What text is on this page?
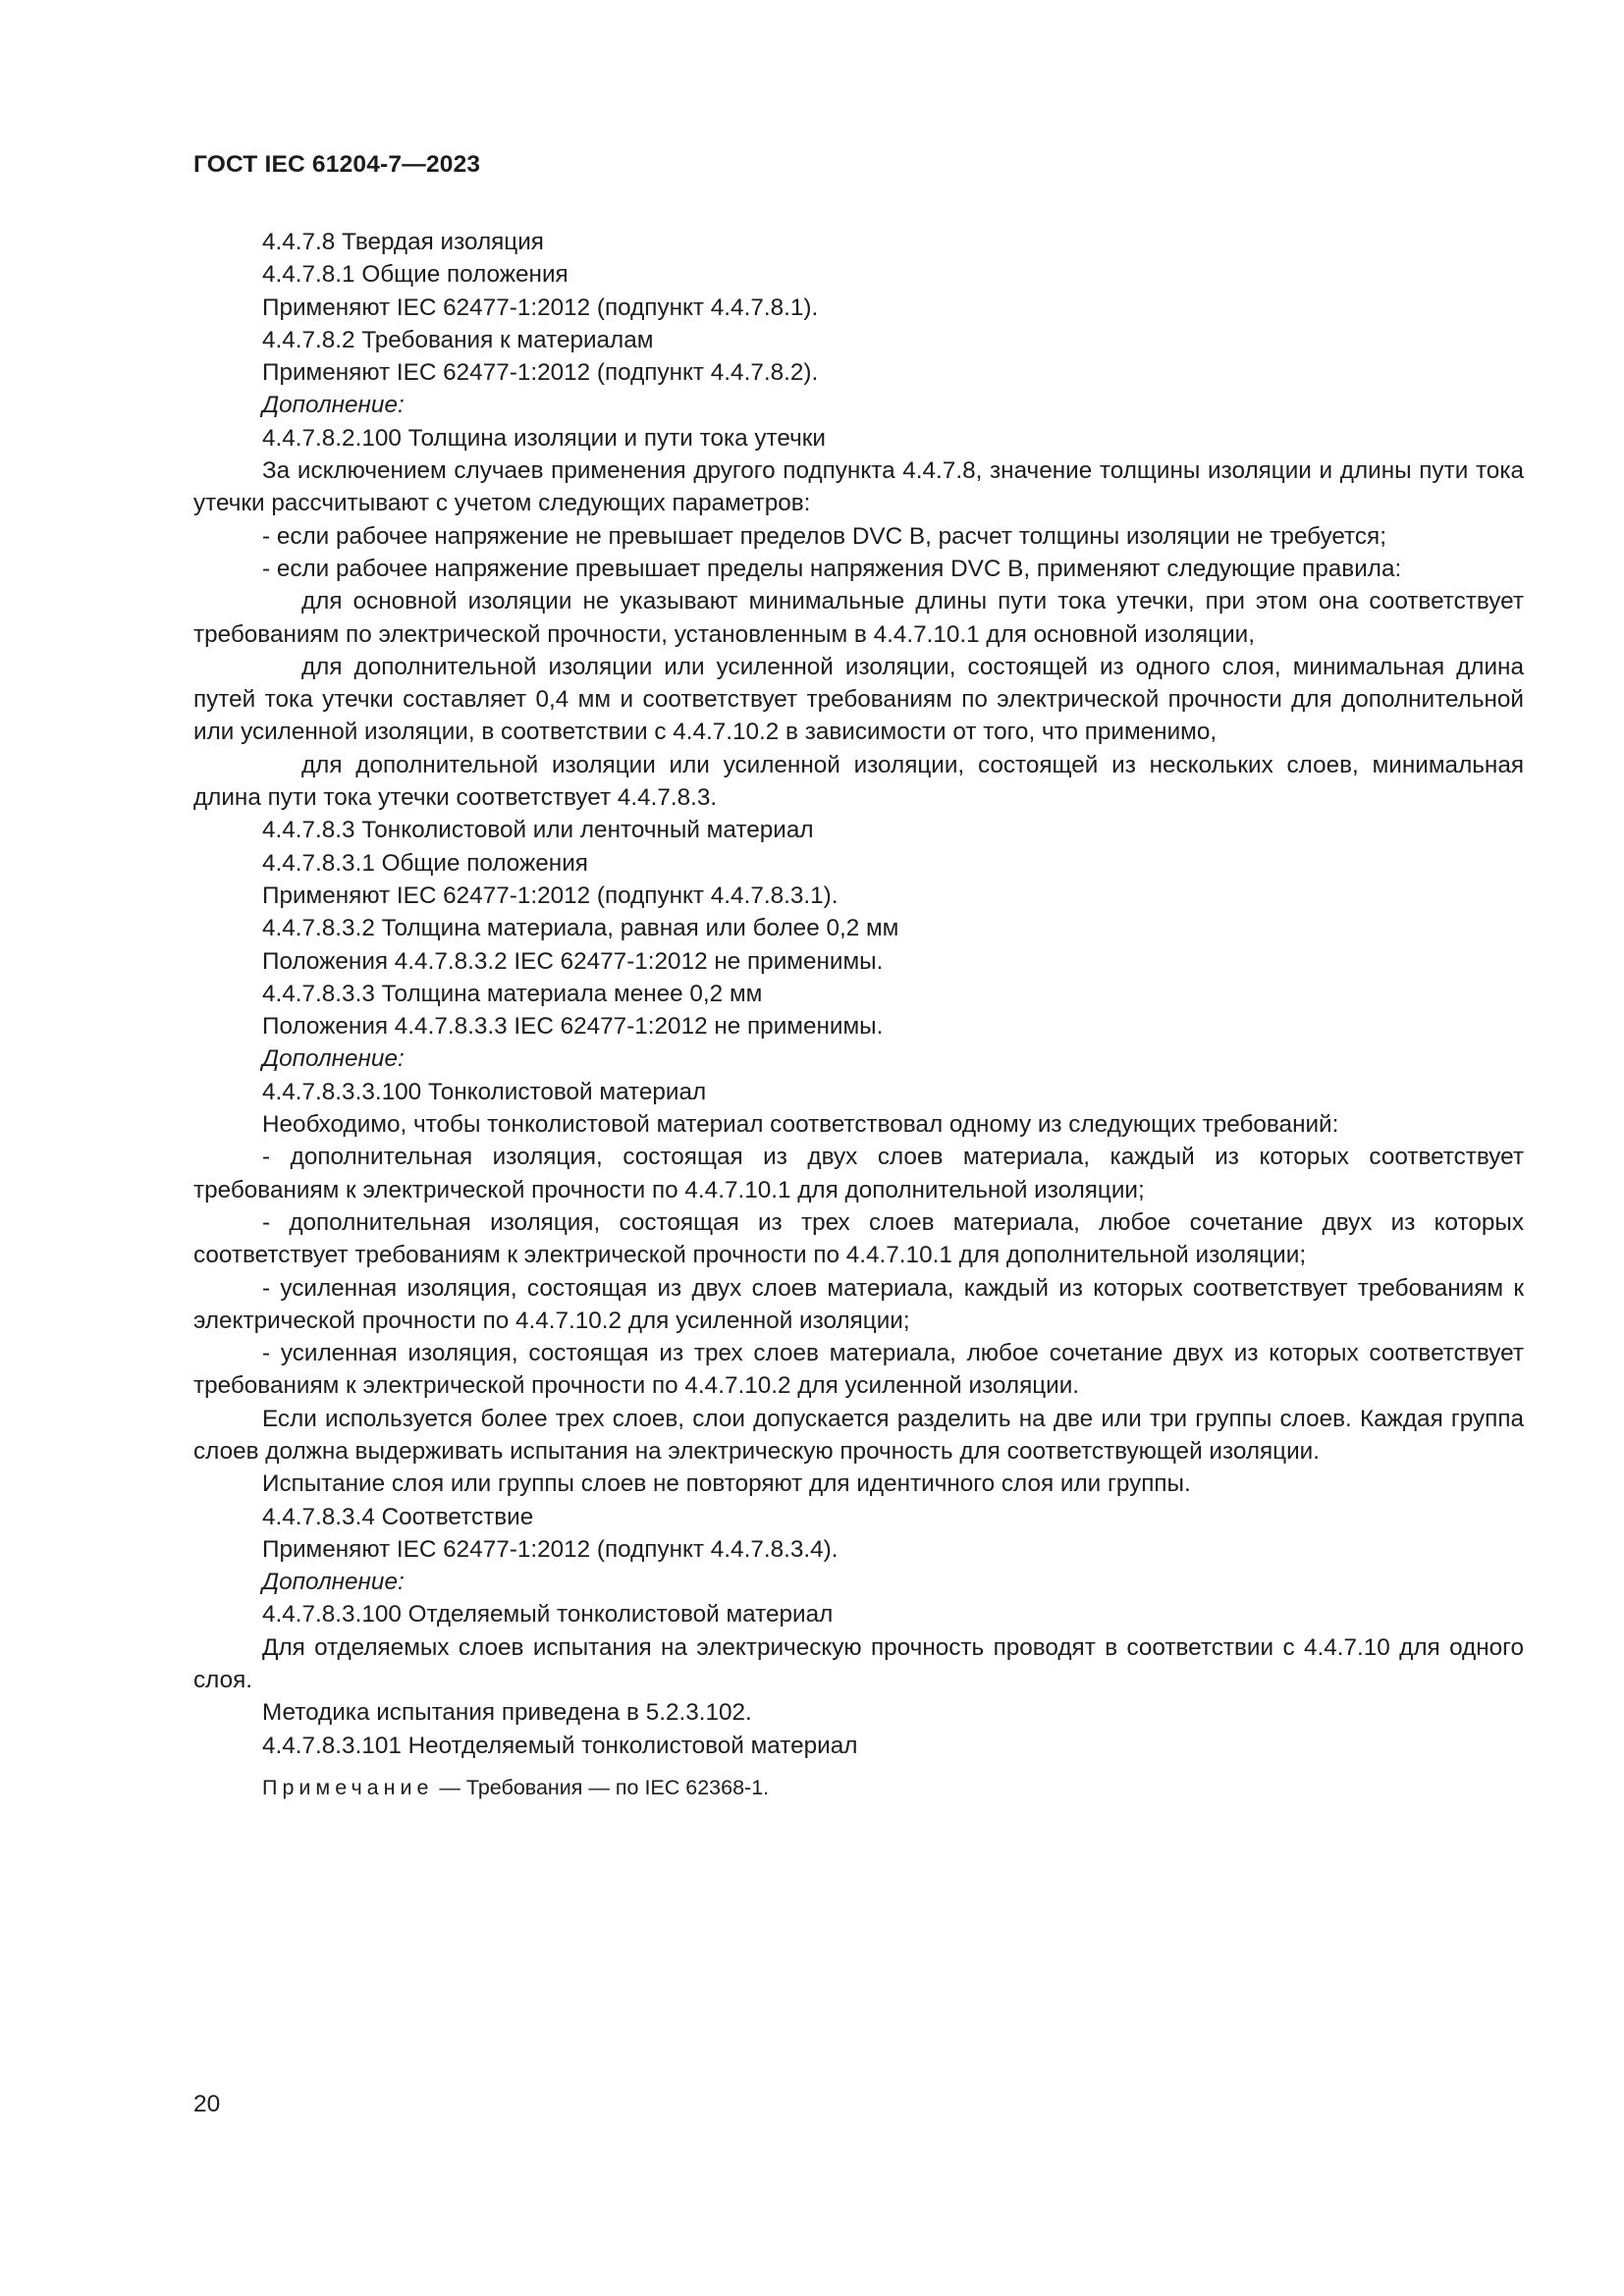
ГОСТ IEC 61204-7—2023

4.4.7.8 Твердая изоляция

4.4.7.8.1 Общие положения

Применяют IEC 62477-1:2012 (подпункт 4.4.7.8.1).

4.4.7.8.2 Требования к материалам

Применяют IEC 62477-1:2012 (подпункт 4.4.7.8.2).

Дополнение:

4.4.7.8.2.100 Толщина изоляции и пути тока утечки

За исключением случаев применения другого подпункта 4.4.7.8, значение толщины изоляции и длины пути тока утечки рассчитывают с учетом следующих параметров:

- если рабочее напряжение не превышает пределов DVC B, расчет толщины изоляции не требуется;

- если рабочее напряжение превышает пределы напряжения DVC B, применяют следующие правила:

для основной изоляции не указывают минимальные длины пути тока утечки, при этом она соответствует требованиям по электрической прочности, установленным в 4.4.7.10.1 для основной изоляции,

для дополнительной изоляции или усиленной изоляции, состоящей из одного слоя, минимальная длина путей тока утечки составляет 0,4 мм и соответствует требованиям по электрической прочности для дополнительной или усиленной изоляции, в соответствии с 4.4.7.10.2 в зависимости от того, что применимо,

для дополнительной изоляции или усиленной изоляции, состоящей из нескольких слоев, минимальная длина пути тока утечки соответствует 4.4.7.8.3.

4.4.7.8.3 Тонколистовой или ленточный материал

4.4.7.8.3.1 Общие положения

Применяют IEC 62477-1:2012 (подпункт 4.4.7.8.3.1).

4.4.7.8.3.2 Толщина материала, равная или более 0,2 мм

Положения 4.4.7.8.3.2 IEC 62477-1:2012 не применимы.

4.4.7.8.3.3 Толщина материала менее 0,2 мм

Положения 4.4.7.8.3.3 IEC 62477-1:2012 не применимы.

Дополнение:

4.4.7.8.3.3.100 Тонколистовой материал

Необходимо, чтобы тонколистовой материал соответствовал одному из следующих требований:

- дополнительная изоляция, состоящая из двух слоев материала, каждый из которых соответствует требованиям к электрической прочности по 4.4.7.10.1 для дополнительной изоляции;

- дополнительная изоляция, состоящая из трех слоев материала, любое сочетание двух из которых соответствует требованиям к электрической прочности по 4.4.7.10.1 для дополнительной изоляции;

- усиленная изоляция, состоящая из двух слоев материала, каждый из которых соответствует требованиям к электрической прочности по 4.4.7.10.2 для усиленной изоляции;

- усиленная изоляция, состоящая из трех слоев материала, любое сочетание двух из которых соответствует требованиям к электрической прочности по 4.4.7.10.2 для усиленной изоляции.

Если используется более трех слоев, слои допускается разделить на две или три группы слоев. Каждая группа слоев должна выдерживать испытания на электрическую прочность для соответствующей изоляции.

Испытание слоя или группы слоев не повторяют для идентичного слоя или группы.

4.4.7.8.3.4 Соответствие

Применяют IEC 62477-1:2012 (подпункт 4.4.7.8.3.4).

Дополнение:

4.4.7.8.3.100 Отделяемый тонколистовой материал

Для отделяемых слоев испытания на электрическую прочность проводят в соответствии с 4.4.7.10 для одного слоя.

Методика испытания приведена в 5.2.3.102.

4.4.7.8.3.101 Неотделяемый тонколистовой материал

Примечание — Требования — по IEC 62368-1.

20
